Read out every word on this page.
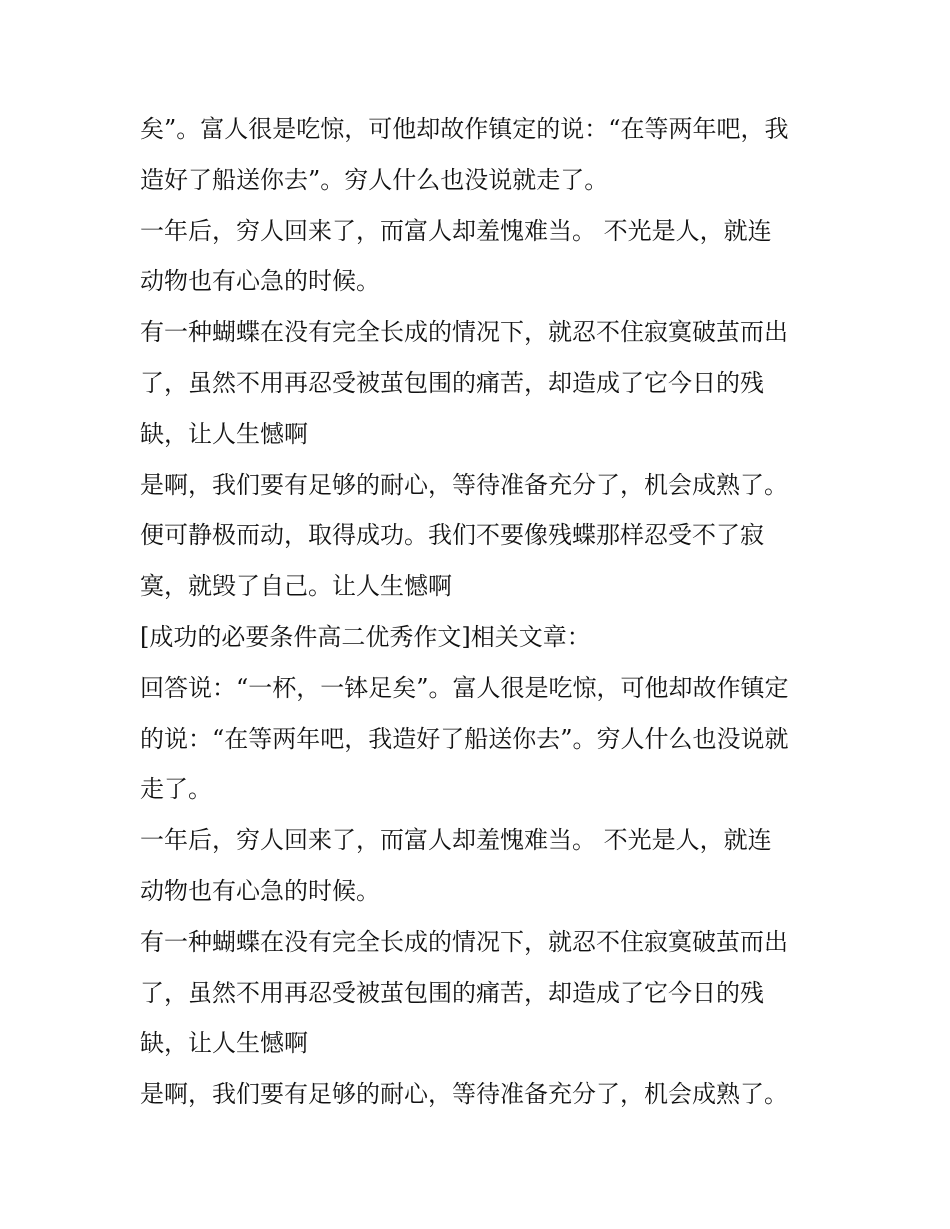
矣”。富人很是吃惊，可他却故作镇定的说：“在等两年吧，我
造好了船送你去”。穷人什么也没说就走了。
一年后，穷人回来了，而富人却羞愧难当。 不光是人，就连
动物也有心急的时候。
有一种蝴蝶在没有完全长成的情况下，就忍不住寂寞破茧而出
了，虽然不用再忍受被茧包围的痛苦，却造成了它今日的残
缺，让人生憾啊
是啊，我们要有足够的耐心，等待准备充分了，机会成熟了。
便可静极而动，取得成功。我们不要像残蝶那样忍受不了寂
寞，就毁了自己。让人生憾啊
[成功的必要条件高二优秀作文]相关文章：
回答说：“一杯，一钵足矣”。富人很是吃惊，可他却故作镇定
的说：“在等两年吧，我造好了船送你去”。穷人什么也没说就
走了。
一年后，穷人回来了，而富人却羞愧难当。 不光是人，就连
动物也有心急的时候。
有一种蝴蝶在没有完全长成的情况下，就忍不住寂寞破茧而出
了，虽然不用再忍受被茧包围的痛苦，却造成了它今日的残
缺，让人生憾啊
是啊，我们要有足够的耐心，等待准备充分了，机会成熟了。
